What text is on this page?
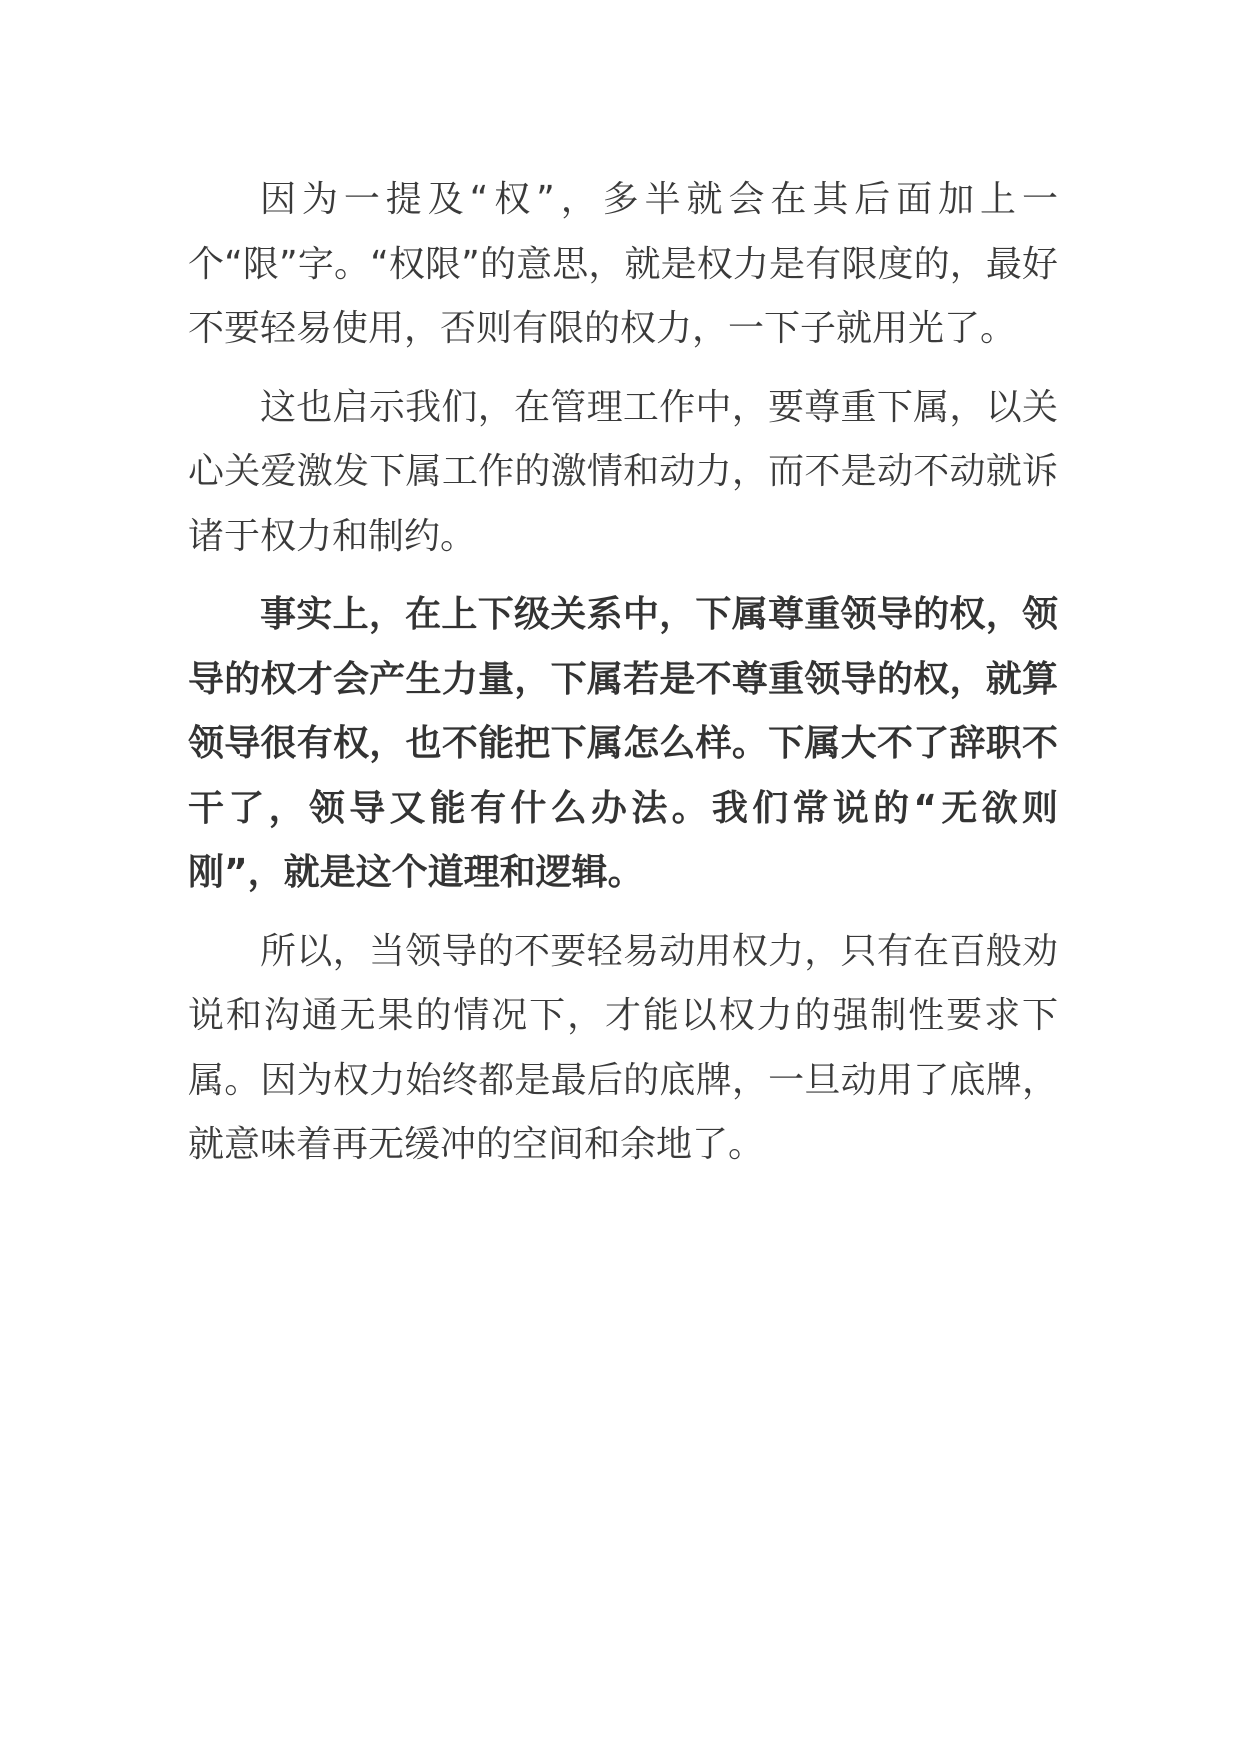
因为一提及“权”，多半就会在其后面加上一个“限”字。“权限”的意思，就是权力是有限度的，最好不要轻易使用，否则有限的权力，一下子就用光了。

这也启示我们，在管理工作中，要尊重下属，以关心关爱激发下属工作的激情和动力，而不是动不动就诉诸于权力和制约。

事实上，在上下级关系中，下属尊重领导的权，领导的权才会产生力量，下属若是不尊重领导的权，就算领导很有权，也不能把下属怎么样。下属大不了辞职不干了，领导又能有什么办法。我们常说的“无欲则刚”，就是这个道理和逻辑。

所以，当领导的不要轻易动用权力，只有在百般劝说和沟通无果的情况下，才能以权力的强制性要求下属。因为权力始终都是最后的底牌，一旦动用了底牌，就意味着再无缓冲的空间和余地了。
